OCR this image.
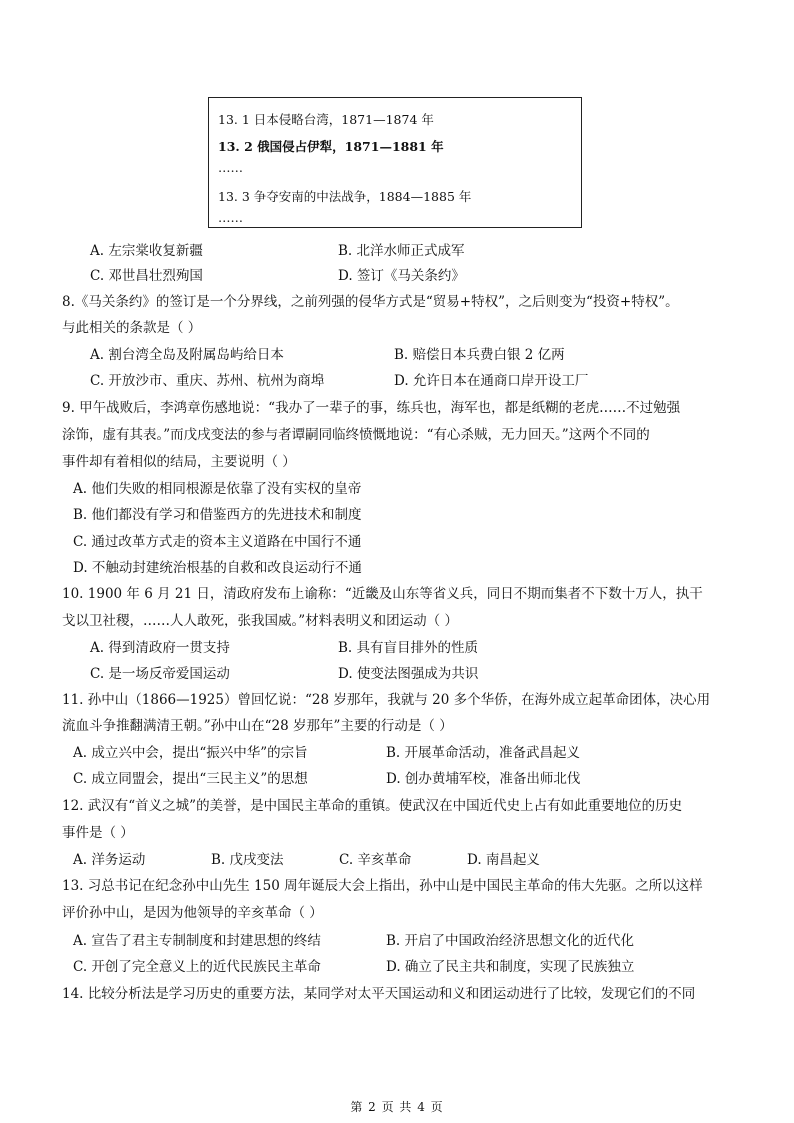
13. 1 日本侵略台湾，1871—1874 年
13. 2 俄国侵占伊犁，1871—1881 年
……
13. 3 争夺安南的中法战争，1884—1885 年
……
A. 左宗棠收复新疆	B. 北洋水师正式成军
C. 邓世昌壮烈殉国	D. 签订《马关条约》
8.《马关条约》的签订是一个分界线，之前列强的侵华方式是“贸易+特权”，之后则变为“投资+特权”。
与此相关的条款是（ ）
A. 割台湾全岛及附属岛屿给日本	B. 赔偿日本兵费白银 2 亿两
C. 开放沙市、重庆、苏州、杭州为商埠	D. 允许日本在通商口岸开设工厂
9. 甲午战败后，李鸿章伤感地说：“我办了一辈子的事，练兵也，海军也，都是纸糊的老虎……不过勉强
涂饰，虚有其表。”而戊戌变法的参与者谭嗣同临终愤慨地说：“有心杀贼，无力回天。”这两个不同的
事件却有着相似的结局，主要说明（ ）
A. 他们失败的相同根源是依靠了没有实权的皇帝
B. 他们都没有学习和借鉴西方的先进技术和制度
C. 通过改革方式走的资本主义道路在中国行不通
D. 不触动封建统治根基的自救和改良运动行不通
10. 1900 年 6 月 21 日，清政府发布上谕称：“近畿及山东等省义兵，同日不期而集者不下数十万人，执干
戈以卫社稷，……人人敢死，张我国威。”材料表明义和团运动（ ）
A. 得到清政府一贯支持	B. 具有盲目排外的性质
C. 是一场反帝爱国运动	D. 使变法图强成为共识
11. 孙中山（1866—1925）曾回忆说：“28 岁那年，我就与 20 多个华侨，在海外成立起革命团体，决心用
流血斗争推翻满清王朝。”孙中山在“28 岁那年”主要的行动是（ ）
A. 成立兴中会，提出“振兴中华”的宗旨	B. 开展革命活动，准备武昌起义
C. 成立同盟会，提出“三民主义”的思想	D. 创办黄埔军校，准备出师北伐
12. 武汉有“首义之城”的美誉，是中国民主革命的重镇。使武汉在中国近代史上占有如此重要地位的历史
事件是（ ）
A. 洋务运动	B. 戊戌变法	C. 辛亥革命	D. 南昌起义
13. 习总书记在纪念孙中山先生 150 周年诞辰大会上指出，孙中山是中国民主革命的伟大先驱。之所以这样
评价孙中山，是因为他领导的辛亥革命（ ）
A. 宣告了君主专制制度和封建思想的终结	B. 开启了中国政治经济思想文化的近代化
C. 开创了完全意义上的近代民族民主革命	D. 确立了民主共和制度，实现了民族独立
14. 比较分析法是学习历史的重要方法，某同学对太平天国运动和义和团运动进行了比较，发现它们的不同
第 2 页 共 4 页
